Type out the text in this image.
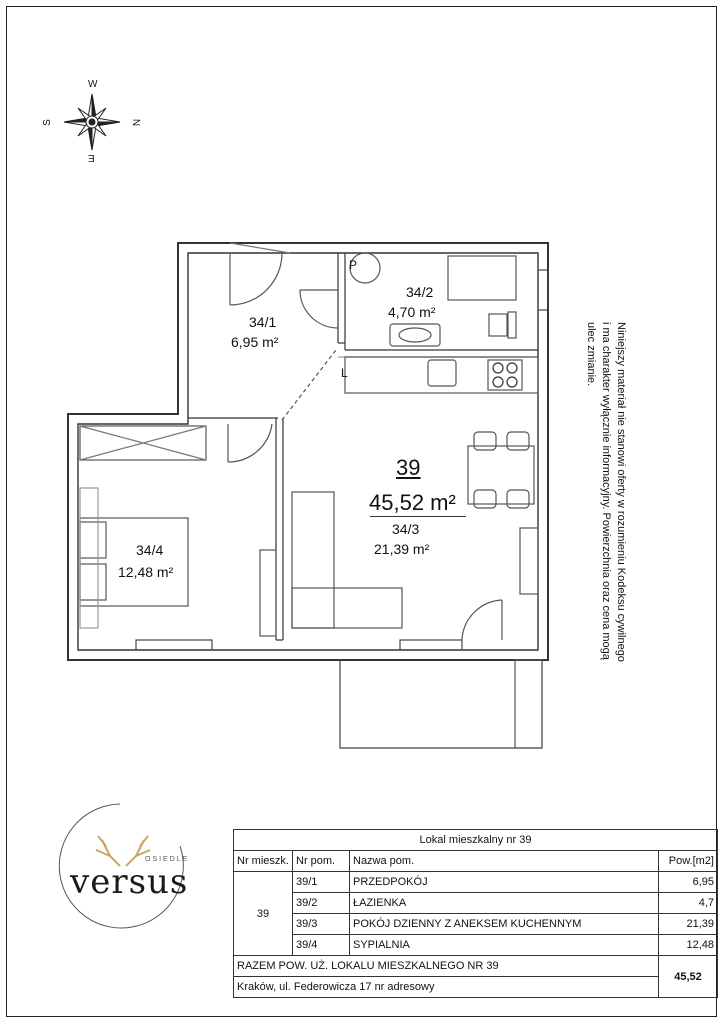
W
N
S
E
34/1
6,95 m²
34/2
4,70 m²
P
L
39
45,52 m²
34/3
21,39 m²
34/4
12,48 m²	Niniejszy materiał nie stanowi oferty w rozumieniu Kodeksu cywilnego i ma charakter wyłącznie informacyjny. Powierzchnia oraz cena mogą ulec zmianie.
OSIEDLE
versus
Lokal mieszkalny nr 39			
Nr mieszk.	Nr pom.	Nazwa pom.	Pow.[m2]
39	39/1	PRZEDPOKÓJ	6,95
	39/2	ŁAZIENKA	4,7
	39/3	POKÓJ DZIENNY Z ANEKSEM KUCHENNYM	21,39
	39/4	SYPIALNIA	12,48
RAZEM POW. UŻ. LOKALU MIESZKALNEGO NR 39			45,52
Kraków, ul. Federowicza 17 nr adresowy			
